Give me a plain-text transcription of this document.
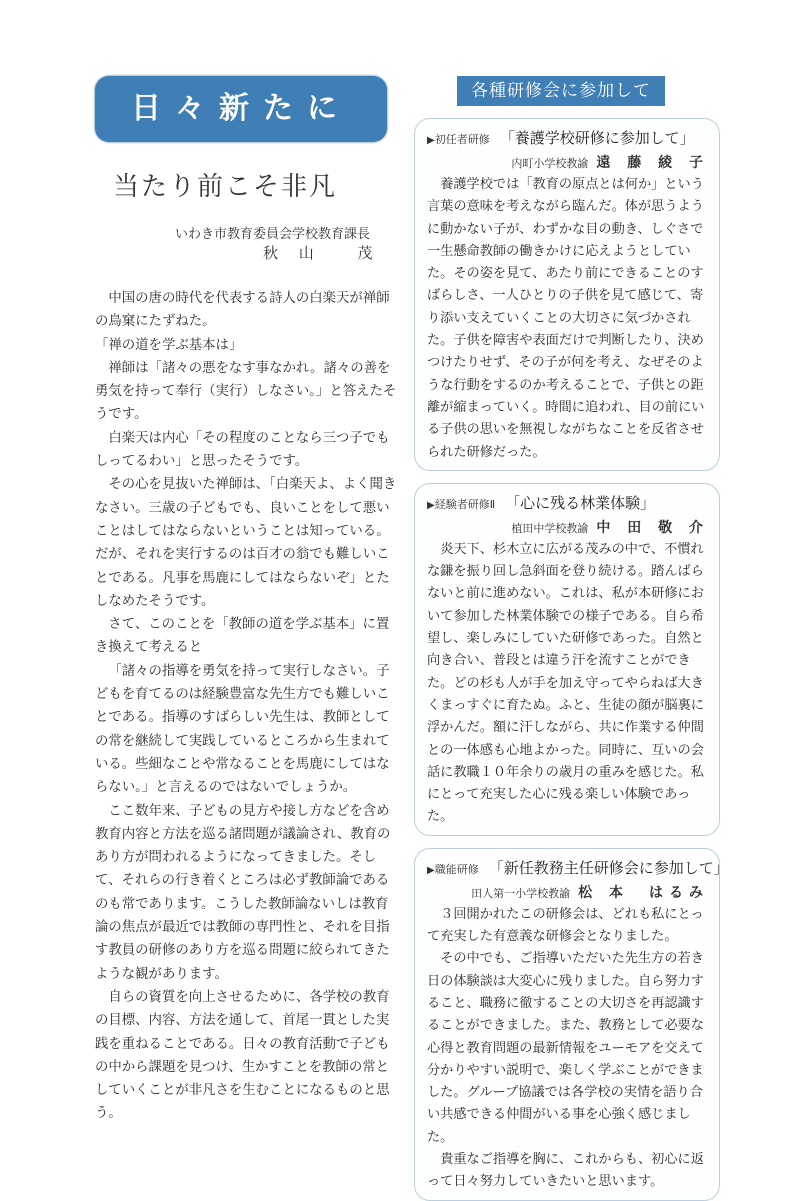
日々新たに
当たり前こそ非凡
いわき市教育委員会学校教育課長
秋 山　 茂

中国の唐の時代を代表する詩人の白楽天が禅師の鳥窠にたずねた。

「禅の道を学ぶ基本は」

禅師は「諸々の悪をなす事なかれ。諸々の善を勇気を持って奉行（実行）しなさい。」と答えたそうです。

白楽天は内心「その程度のことなら三つ子でもしってるわい」と思ったそうです。

その心を見抜いた禅師は、「白楽天よ、よく聞きなさい。三歳の子どもでも、良いことをして悪いことはしてはならないということは知っている。だが、それを実行するのは百才の翁でも難しいことである。凡事を馬鹿にしてはならないぞ」とたしなめたそうです。

さて、このことを「教師の道を学ぶ基本」に置き換えて考えると

「諸々の指導を勇気を持って実行しなさい。子どもを育てるのは経験豊富な先生方でも難しいことである。指導のすばらしい先生は、教師としての常を継続して実践しているところから生まれている。些細なことや常なることを馬鹿にしてはならない。」と言えるのではないでしょうか。

ここ数年来、子どもの見方や接し方などを含め教育内容と方法を巡る諸問題が議論され、教育のあり方が問われるようになってきました。そして、それらの行き着くところは必ず教師論であるのも常であります。こうした教師論ないしは教育論の焦点が最近では教師の専門性と、それを目指す教員の研修のあり方を巡る問題に絞られてきたような観があります。

自らの資質を向上させるために、各学校の教育の目標、内容、方法を通して、首尾一貫とした実践を重ねることである。日々の教育活動で子どもの中から課題を見つけ、生かすことを教師の常としていくことが非凡さを生むことになるものと思う。

各種研修会に参加して
▶初任者研修 「養護学校研修に参加して」
内町小学校教諭 遠 藤 綾 子

養護学校では「教育の原点とは何か」という言葉の意味を考えながら臨んだ。体が思うように動かない子が、わずかな目の動き、しぐさで一生懸命教師の働きかけに応えようとしていた。その姿を見て、あたり前にできることのすばらしさ、一人ひとりの子供を見て感じて、寄り添い支えていくことの大切さに気づかされた。子供を障害や表面だけで判断したり、決めつけたりせず、その子が何を考え、なぜそのような行動をするのか考えることで、子供との距離が縮まっていく。時間に追われ、目の前にいる子供の思いを無視しながちなことを反省させられた研修だった。

▶経験者研修Ⅱ 「心に残る林業体験」
植田中学校教諭 中 田 敬 介

炎天下、杉木立に広がる茂みの中で、不慣れな鎌を振り回し急斜面を登り続ける。踏んばらないと前に進めない。これは、私が本研修において参加した林業体験での様子である。自ら希望し、楽しみにしていた研修であった。自然と向き合い、普段とは違う汗を流すことができた。どの杉も人が手を加え守ってやらねば大きくまっすぐに育たぬ。ふと、生徒の顔が脳裏に浮かんだ。額に汗しながら、共に作業する仲間との一体感も心地よかった。同時に、互いの会話に教職１０年余りの歳月の重みを感じた。私にとって充実した心に残る楽しい体験であった。

▶職能研修 「新任教務主任研修会に参加して」
田人第一小学校教諭 松 本　はるみ

３回開かれたこの研修会は、どれも私にとって充実した有意義な研修会となりました。

その中でも、ご指導いただいた先生方の若き日の体験談は大変心に残りました。自ら努力すること、職務に徹することの大切さを再認識することができました。また、教務として必要な心得と教育問題の最新情報をユーモアを交えて分かりやすい説明で、楽しく学ぶことができました。グループ協議では各学校の実情を語り合い共感できる仲間がいる事を心強く感じました。

貴重なご指導を胸に、これからも、初心に返って日々努力していきたいと思います。
